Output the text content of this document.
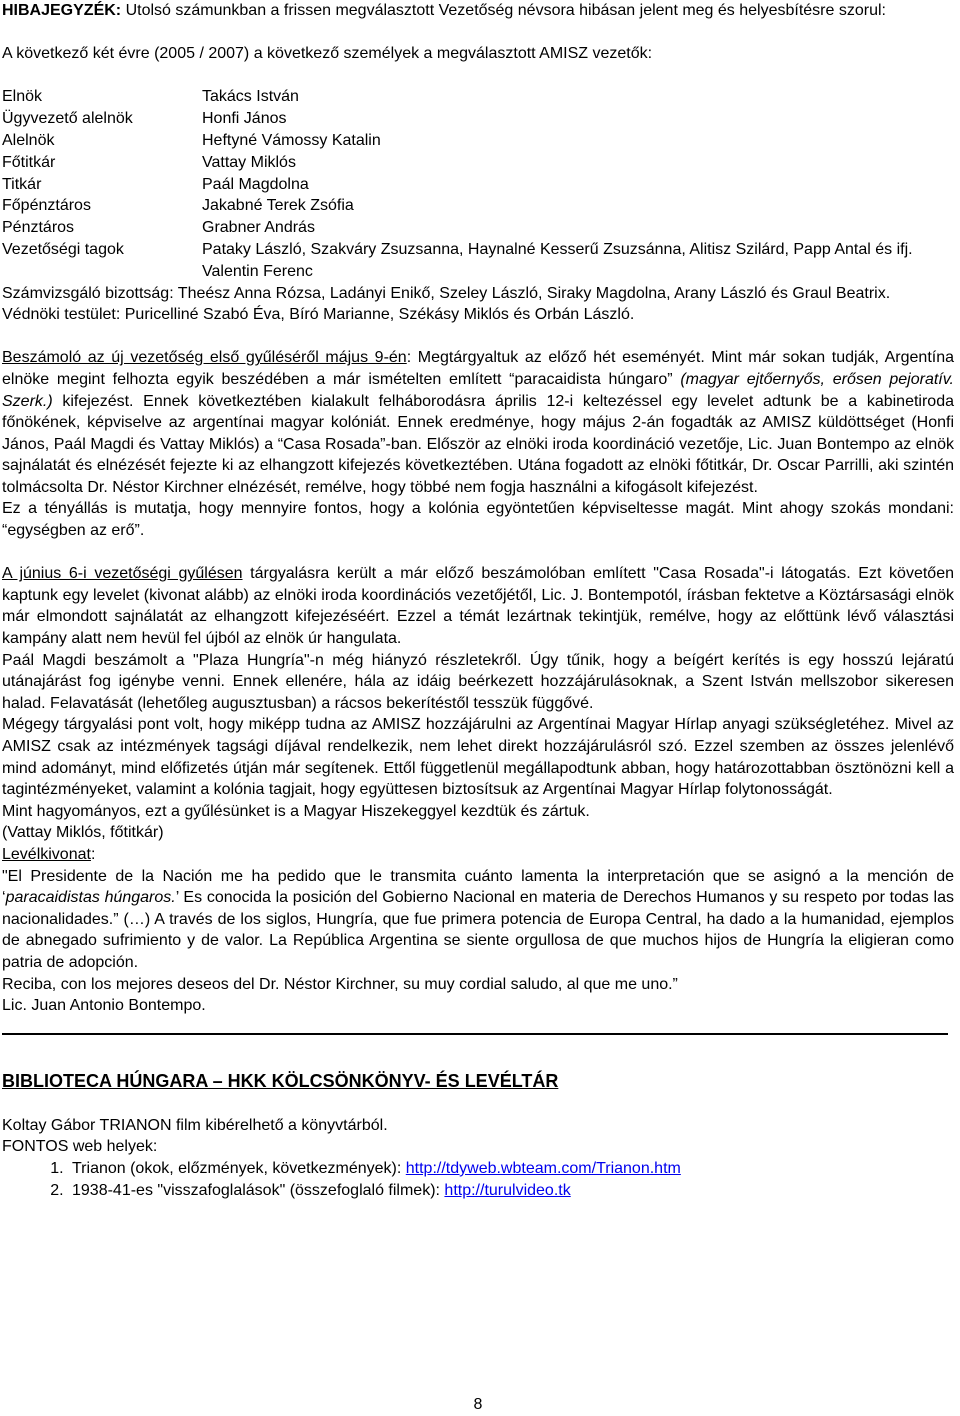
HIBAJEGYZÉK: Utolsó számunkban a frissen megválasztott Vezetőség névsora hibásan jelent meg és helyesbítésre szorul:

A következő két évre (2005 / 2007) a következő személyek a megválasztott AMISZ vezetők:

Elnök	Takács István
Ügyvezető alelnök	Honfi János
Alelnök	Heftyné Vámossy Katalin
Főtitkár	Vattay Miklós
Titkár	Paál Magdolna
Főpénztáros	Jakabné Terek Zsófia
Pénztáros	Grabner András
Vezetőségi tagok	Pataky László, Szakváry Zsuzsanna, Haynalné Kesserű Zsuzsánna, Alitisz Szilárd, Papp Antal és ifj. Valentin Ferenc

Számvizsgáló bizottság: Theész Anna Rózsa, Ladányi Enikő, Szeley László, Siraky Magdolna, Arany László és Graul Beatrix.

Védnöki testület: Puricelliné Szabó Éva, Bíró Marianne, Székásy Miklós és Orbán László.

Beszámoló az új vezetőség első gyűléséről május 9-én: Megtárgyaltuk az előző hét eseményét. Mint már sokan tudják, Argentína elnöke megint felhozta egyik beszédében a már ismételten említett “paracaidista húngaro” (magyar ejtőernyős, erősen pejoratív. Szerk.) kifejezést. Ennek következtében kialakult felháborodásra április 12-i keltezéssel egy levelet adtunk be a kabinetiroda főnökének, képviselve az argentínai magyar kolóniát. Ennek eredménye, hogy május 2-án fogadták az AMISZ küldöttséget (Honfi János, Paál Magdi és Vattay Miklós) a “Casa Rosada”-ban. Először az elnöki iroda koordináció vezetője, Lic. Juan Bontempo az elnök sajnálatát és elnézését fejezte ki az elhangzott kifejezés következtében. Utána fogadott az elnöki főtitkár, Dr. Oscar Parrilli, aki szintén tolmácsolta Dr. Néstor Kirchner elnézését, remélve, hogy többé nem fogja használni a kifogásolt kifejezést.

Ez a tényállás is mutatja, hogy mennyire fontos, hogy a kolónia egyöntetűen képviseltesse magát. Mint ahogy szokás mondani: “egységben az erő”.

A június 6-i vezetőségi gyűlésen tárgyalásra került a már előző beszámolóban említett "Casa Rosada"-i látogatás. Ezt követően kaptunk egy levelet (kivonat alább) az elnöki iroda koordinációs vezetőjétől, Lic. J. Bontempotól, írásban fektetve a Köztársasági elnök már elmondott sajnálatát az elhangzott kifejezéséért. Ezzel a témát lezártnak tekintjük, remélve, hogy az előttünk lévő választási kampány alatt nem hevül fel újból az elnök úr hangulata.

Paál Magdi beszámolt a "Plaza Hungría"-n még hiányzó részletekről. Úgy tűnik, hogy a beígért kerítés is egy hosszú lejáratú utánajárást fog igénybe venni. Ennek ellenére, hála az idáig beérkezett hozzájárulásoknak, a Szent István mellszobor sikeresen halad. Felavatását (lehetőleg augusztusban) a rácsos bekerítéstől tesszük függővé.

Mégegy tárgyalási pont volt, hogy miképp tudna az AMISZ hozzájárulni az Argentínai Magyar Hírlap anyagi szükségletéhez. Mivel az AMISZ csak az intézmények tagsági díjával rendelkezik, nem lehet direkt hozzájárulásról szó. Ezzel szemben az összes jelenlévő mind adományt, mind előfizetés útján már segítenek. Ettől függetlenül megállapodtunk abban, hogy határozottabban ösztönözni kell a tagintézményeket, valamint a kolónia tagjait, hogy együttesen biztosítsuk az Argentínai Magyar Hírlap folytonosságát.

Mint hagyományos, ezt a gyűlésünket is a Magyar Hiszekeggyel kezdtük és zártuk.

(Vattay Miklós, főtitkár)

Levélkivonat:

"El Presidente de la Nación me ha pedido que le transmita cuánto lamenta la interpretación que se asignó a la mención de ‘paracaidistas húngaros.’ Es conocida la posición del Gobierno Nacional en materia de Derechos Humanos y su respeto por todas las nacionalidades.” (…) A través de los siglos, Hungría, que fue primera potencia de Europa Central, ha dado a la humanidad, ejemplos de abnegado sufrimiento y de valor. La República Argentina se siente orgullosa de que muchos hijos de Hungría la eligieran como patria de adopción.

Reciba, con los mejores deseos del Dr. Néstor Kirchner, su muy cordial saludo, al que me uno.”

Lic. Juan Antonio Bontempo.

BIBLIOTECA HÚNGARA – HKK KÖLCSÖNKÖNYV- ÉS LEVÉLTÁR

Koltay Gábor TRIANON film kibérelhető a könyvtárból.

FONTOS web helyek:

1. Trianon (okok, előzmények, következmények): http://tdyweb.wbteam.com/Trianon.htm
2. 1938-41-es "visszafoglalások" (összefoglaló filmek): http://turulvideo.tk
8
